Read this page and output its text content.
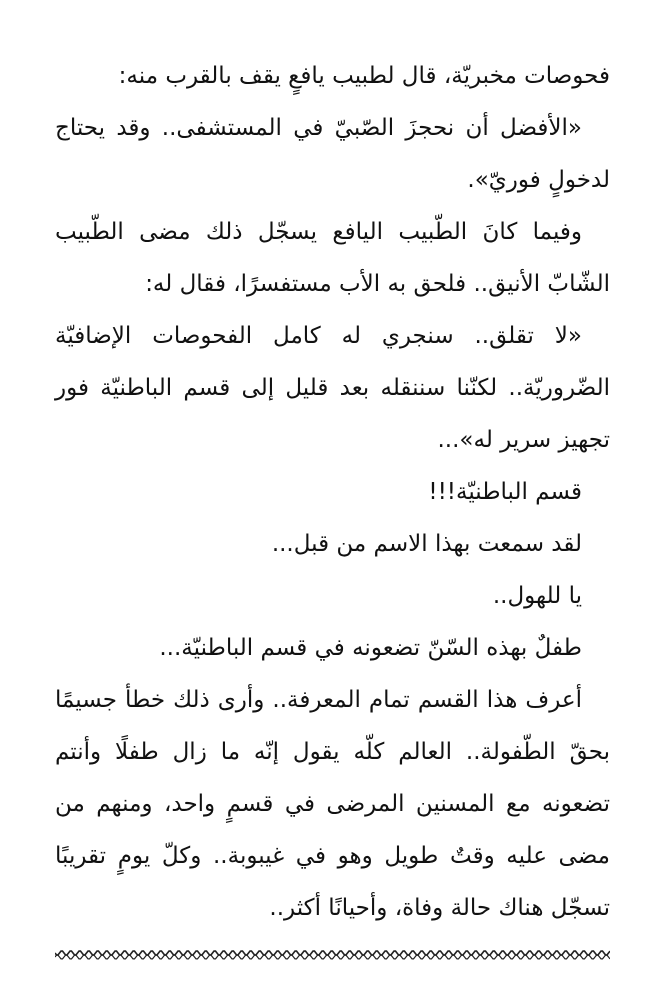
فحوصات مخبريّة، قال لطبيب يافعٍ يقف بالقرب منه:

«الأفضل أن نحجزَ الصّبيّ في المستشفى.. وقد يحتاج لدخولٍ فوريّ».

وفيما كانَ الطّبيب اليافع يسجّل ذلك مضى الطّبيب الشّابّ الأنيق.. فلحق به الأب مستفسرًا، فقال له:

«لا تقلق.. سنجري له كامل الفحوصات الإضافيّة الضّروريّة.. لكنّنا سننقله بعد قليل إلى قسم الباطنيّة فور تجهيز سرير له»...

قسم الباطنيّة!!!

لقد سمعت بهذا الاسم من قبل...

يا للهول..

طفلٌ بهذه السّنّ تضعونه في قسم الباطنيّة...

أعرف هذا القسم تمام المعرفة.. وأرى ذلك خطأ جسيمًا بحقّ الطّفولة.. العالم كلّه يقول إنّه ما زال طفلًا وأنتم تضعونه مع المسنين المرضى في قسمٍ واحد، ومنهم من مضى عليه وقتٌ طويل وهو في غيبوبة.. وكلّ يومٍ تقريبًا تسجّل هناك حالة وفاة، وأحيانًا أكثر..
